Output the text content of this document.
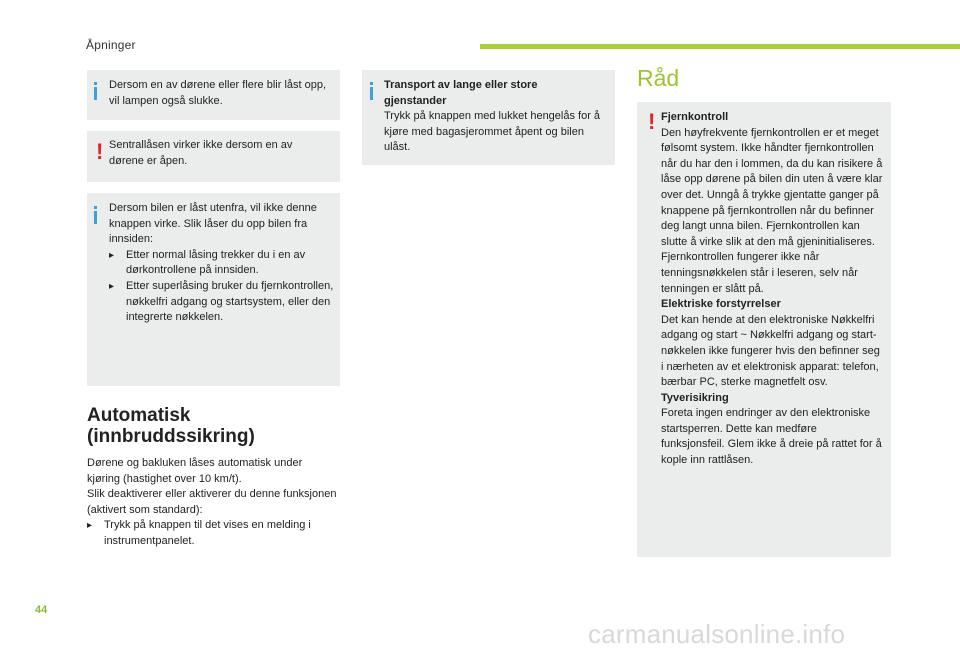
Åpninger
Dersom en av dørene eller flere blir låst opp, vil lampen også slukke.
! Sentrallåsen virker ikke dersom en av dørene er åpen.
Dersom bilen er låst utenfra, vil ikke denne knappen virke. Slik låser du opp bilen fra innsiden:
▸	Etter normal låsing trekker du i en av dørkontrollene på innsiden.
▸	Etter superlåsing bruker du fjernkontrollen, nøkkelfri adgang og startsystem, eller den integrerte nøkkelen.
Automatisk
(innbruddssikring)
Dørene og bakluken låses automatisk under kjøring (hastighet over 10 km/t).
Slik deaktiverer eller aktiverer du denne funksjonen (aktivert som standard):
▸	Trykk på knappen til det vises en melding i instrumentpanelet.
Transport av lange eller store gjenstander
Trykk på knappen med lukket hengelås for å kjøre med bagasjerommet åpent og bilen ulåst.
Råd
! Fjernkontroll
Den høyfrekvente fjernkontrollen er et meget følsomt system. Ikke håndter fjernkontrollen når du har den i lommen, da du kan risikere å låse opp dørene på bilen din uten å være klar over det. Unngå å trykke gjentatte ganger på knappene på fjernkontrollen når du befinner deg langt unna bilen. Fjernkontrollen kan slutte å virke slik at den må gjeninitialiseres. Fjernkontrollen fungerer ikke når tenningsnøkkelen står i leseren, selv når tenningen er slått på.
Elektriske forstyrrelser
Det kan hende at den elektroniske Nøkkelfri adgang og start ~ Nøkkelfri adgang og start-nøkkelen ikke fungerer hvis den befinner seg i nærheten av et elektronisk apparat: telefon, bærbar PC, sterke magnetfelt osv.
Tyverisikring
Foreta ingen endringer av den elektroniske startsperren. Dette kan medføre funksjonsfeil. Glem ikke å dreie på rattet for å kople inn rattlåsen.
44
carmanualsonline.info
